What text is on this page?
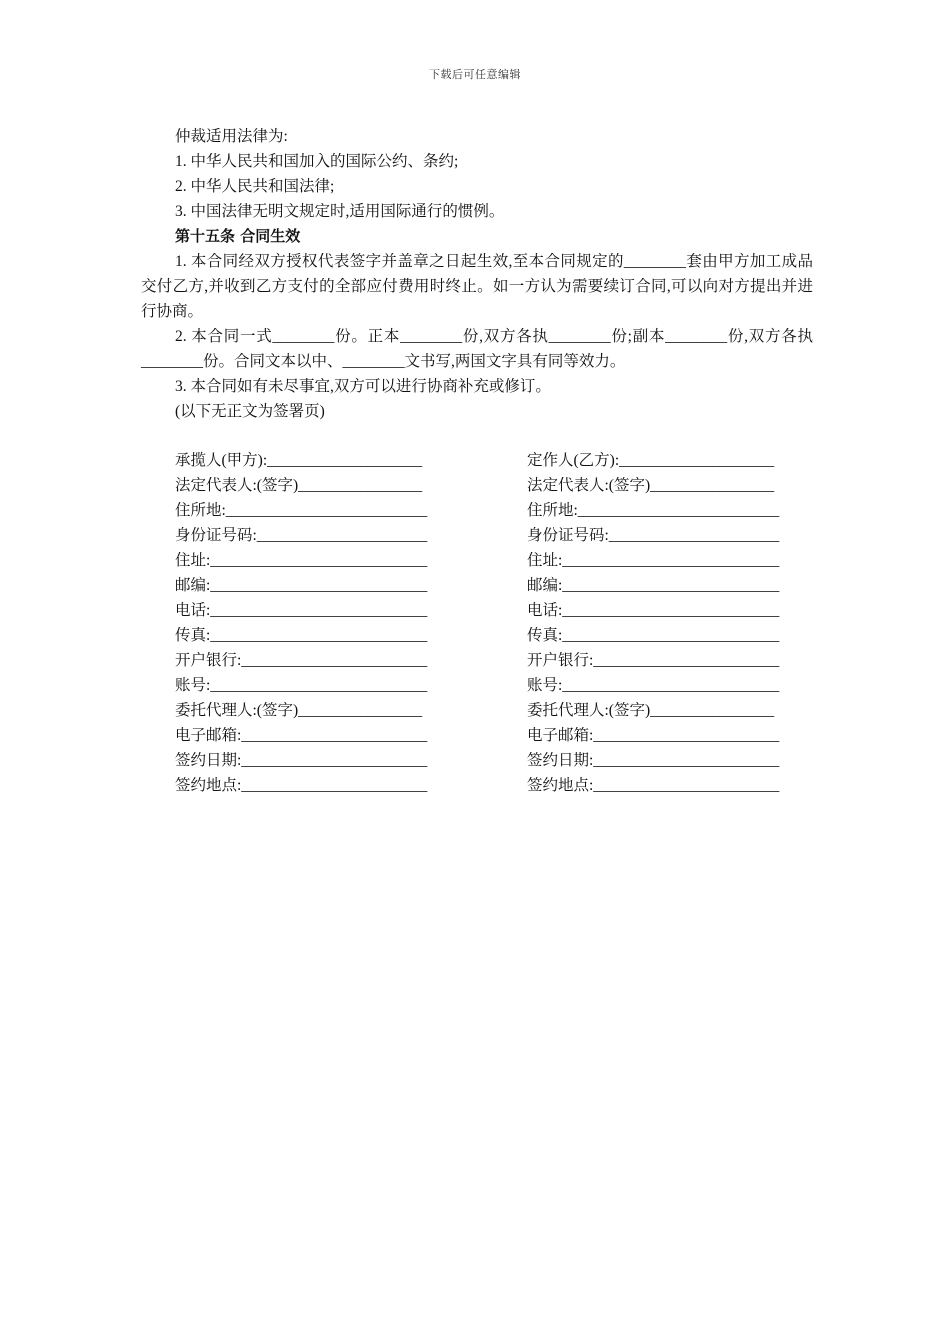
下载后可任意编辑

仲裁适用法律为:

1. 中华人民共和国加入的国际公约、条约;

2. 中华人民共和国法律;

3. 中国法律无明文规定时,适用国际通行的惯例。

第十五条 合同生效

1. 本合同经双方授权代表签字并盖章之日起生效,至本合同规定的________套由甲方加工成品交付乙方,并收到乙方支付的全部应付费用时终止。如一方认为需要续订合同,可以向对方提出并进行协商。

2. 本合同一式________份。正本________份,双方各执________份;副本________份,双方各执________份。合同文本以中、________文书写,两国文字具有同等效力。

3. 本合同如有未尽事宜,双方可以进行协商补充或修订。

(以下无正文为签署页)

承揽人(甲方):____________________
法定代表人:(签字)________________
住所地:__________________________
身份证号码:______________________
住址:____________________________
邮编:____________________________
电话:____________________________
传真:____________________________
开户银行:________________________
账号:____________________________
委托代理人:(签字)________________
电子邮箱:________________________
签约日期:________________________
签约地点:________________________
定作人(乙方):____________________
法定代表人:(签字)________________
住所地:__________________________
身份证号码:______________________
住址:____________________________
邮编:____________________________
电话:____________________________
传真:____________________________
开户银行:________________________
账号:____________________________
委托代理人:(签字)________________
电子邮箱:________________________
签约日期:________________________
签约地点:________________________
